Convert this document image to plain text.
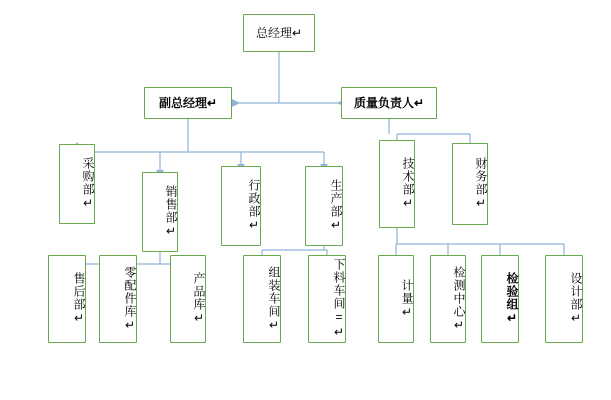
总经理↵
副总经理↵	质量负责人↵
采购部↵
销售部↵	行政部↵	生产部↵	技术部↵	财务部↵
售后部↵	零配件库↵	产品库↵	组装车间↵	下料车间=↵	计量↵	检测中心↵	检验组↵	设计部↵
